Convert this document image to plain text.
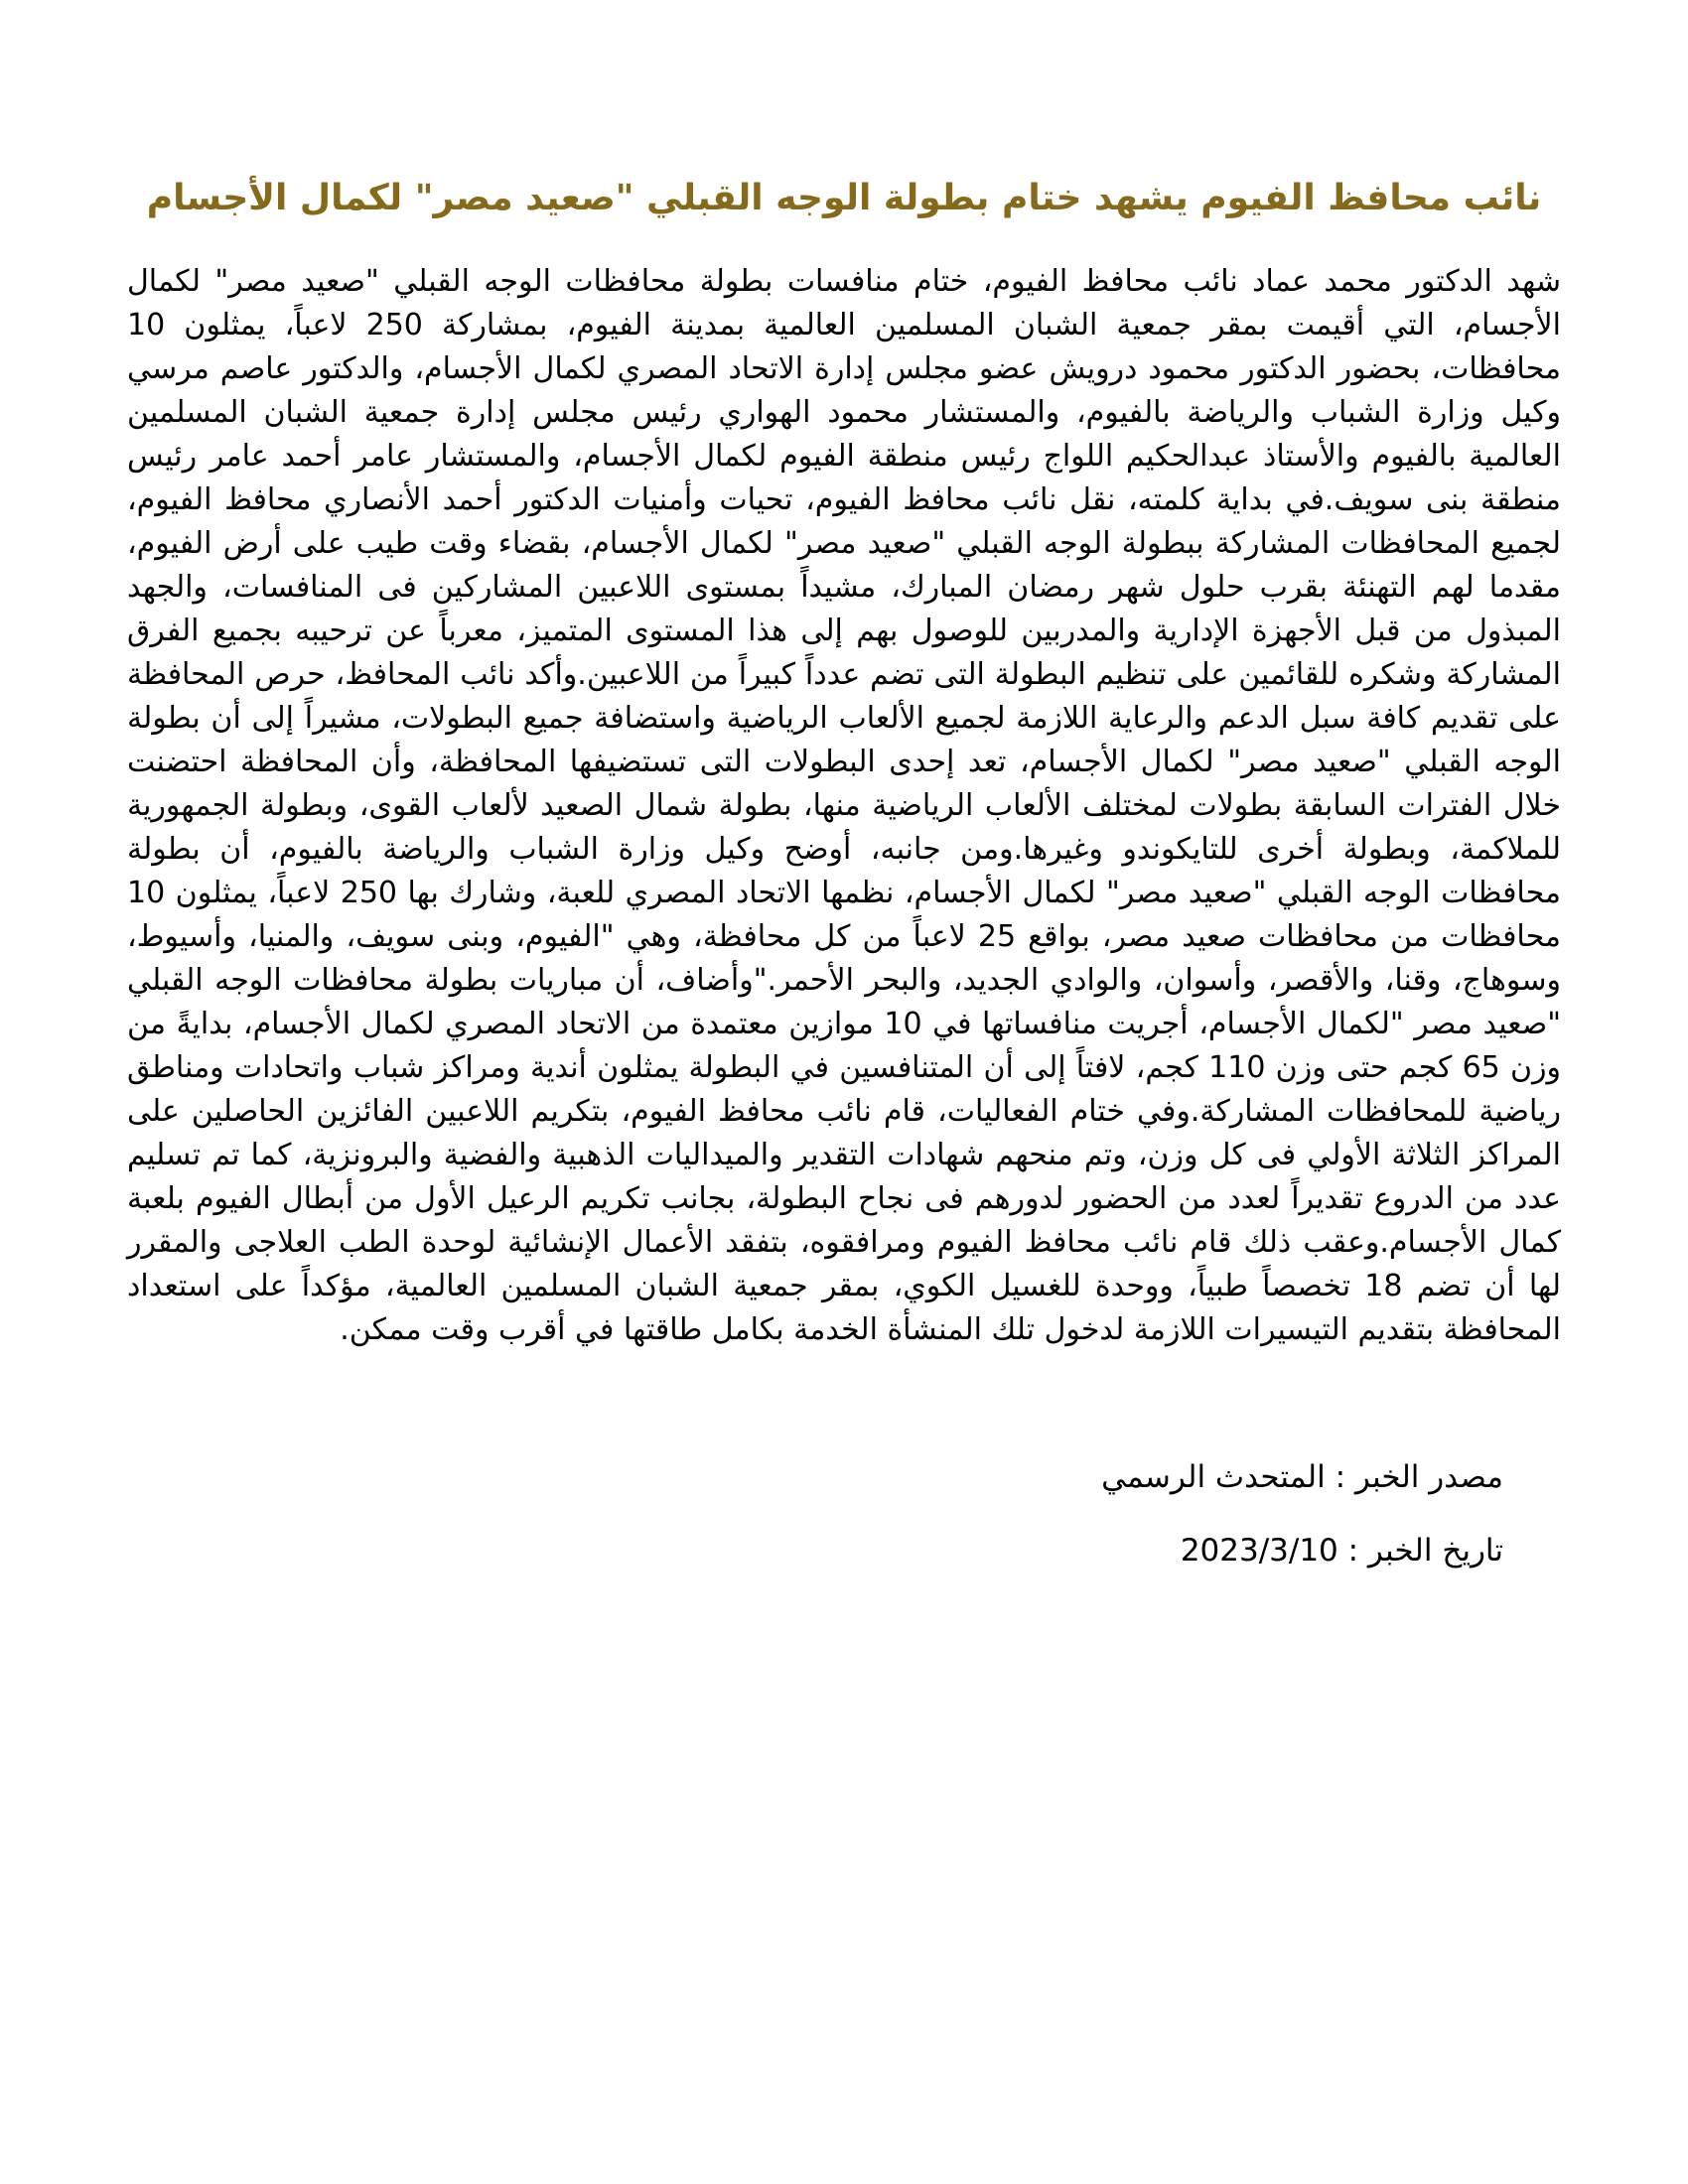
نائب محافظ الفيوم يشهد ختام بطولة الوجه القبلي "صعيد مصر" لكمال الأجسام

شهد الدكتور محمد عماد نائب محافظ الفيوم، ختام منافسات بطولة محافظات الوجه القبلي "صعيد مصر" لكمال الأجسام، التي أقيمت بمقر جمعية الشبان المسلمين العالمية بمدينة الفيوم، بمشاركة 250 لاعباً، يمثلون 10 محافظات، بحضور الدكتور محمود درويش عضو مجلس إدارة الاتحاد المصري لكمال الأجسام، والدكتور عاصم مرسي وكيل وزارة الشباب والرياضة بالفيوم، والمستشار محمود الهواري رئيس مجلس إدارة جمعية الشبان المسلمين العالمية بالفيوم والأستاذ عبدالحكيم اللواج رئيس منطقة الفيوم لكمال الأجسام، والمستشار عامر أحمد عامر رئيس منطقة بنى سويف.في بداية كلمته، نقل نائب محافظ الفيوم، تحيات وأمنيات الدكتور أحمد الأنصاري محافظ الفيوم، لجميع المحافظات المشاركة ببطولة الوجه القبلي "صعيد مصر" لكمال الأجسام، بقضاء وقت طيب على أرض الفيوم، مقدما لهم التهنئة بقرب حلول شهر رمضان المبارك، مشيداً بمستوى اللاعبين المشاركين فى المنافسات، والجهد المبذول من قبل الأجهزة الإدارية والمدربين للوصول بهم إلى هذا المستوى المتميز، معرباً عن ترحيبه بجميع الفرق المشاركة وشكره للقائمين على تنظيم البطولة التى تضم عدداً كبيراً من اللاعبين.وأكد نائب المحافظ، حرص المحافظة على تقديم كافة سبل الدعم والرعاية اللازمة لجميع الألعاب الرياضية واستضافة جميع البطولات، مشيراً إلى أن بطولة الوجه القبلي "صعيد مصر" لكمال الأجسام، تعد إحدى البطولات التى تستضيفها المحافظة، وأن المحافظة احتضنت خلال الفترات السابقة بطولات لمختلف الألعاب الرياضية منها، بطولة شمال الصعيد لألعاب القوى، وبطولة الجمهورية للملاكمة، وبطولة أخرى للتايكوندو وغيرها.ومن جانبه، أوضح وكيل وزارة الشباب والرياضة بالفيوم، أن بطولة محافظات الوجه القبلي "صعيد مصر" لكمال الأجسام، نظمها الاتحاد المصري للعبة، وشارك بها 250 لاعباً، يمثلون 10 محافظات من محافظات صعيد مصر، بواقع 25 لاعباً من كل محافظة، وهي "الفيوم، وبنى سويف، والمنيا، وأسيوط، وسوهاج، وقنا، والأقصر، وأسوان، والوادي الجديد، والبحر الأحمر."وأضاف، أن مباريات بطولة محافظات الوجه القبلي "صعيد مصر "لكمال الأجسام، أجريت منافساتها في 10 موازين معتمدة من الاتحاد المصري لكمال الأجسام، بدايةً من وزن 65 كجم حتى وزن 110 كجم، لافتاً إلى أن المتنافسين في البطولة يمثلون أندية ومراكز شباب واتحادات ومناطق رياضية للمحافظات المشاركة.وفي ختام الفعاليات، قام نائب محافظ الفيوم، بتكريم اللاعبين الفائزين الحاصلين على المراكز الثلاثة الأولي فى كل وزن، وتم منحهم شهادات التقدير والميداليات الذهبية والفضية والبرونزية، كما تم تسليم عدد من الدروع تقديراً لعدد من الحضور لدورهم فى نجاح البطولة، بجانب تكريم الرعيل الأول من أبطال الفيوم بلعبة كمال الأجسام.وعقب ذلك قام نائب محافظ الفيوم ومرافقوه، بتفقد الأعمال الإنشائية لوحدة الطب العلاجى والمقرر لها أن تضم 18 تخصصاً طبياً، ووحدة للغسيل الكوي، بمقر جمعية الشبان المسلمين العالمية، مؤكداً على استعداد المحافظة بتقديم التيسيرات اللازمة لدخول تلك المنشأة الخدمة بكامل طاقتها في أقرب وقت ممكن.

مصدر الخبر : المتحدث الرسمي
تاريخ الخبر : 2023/3/10
